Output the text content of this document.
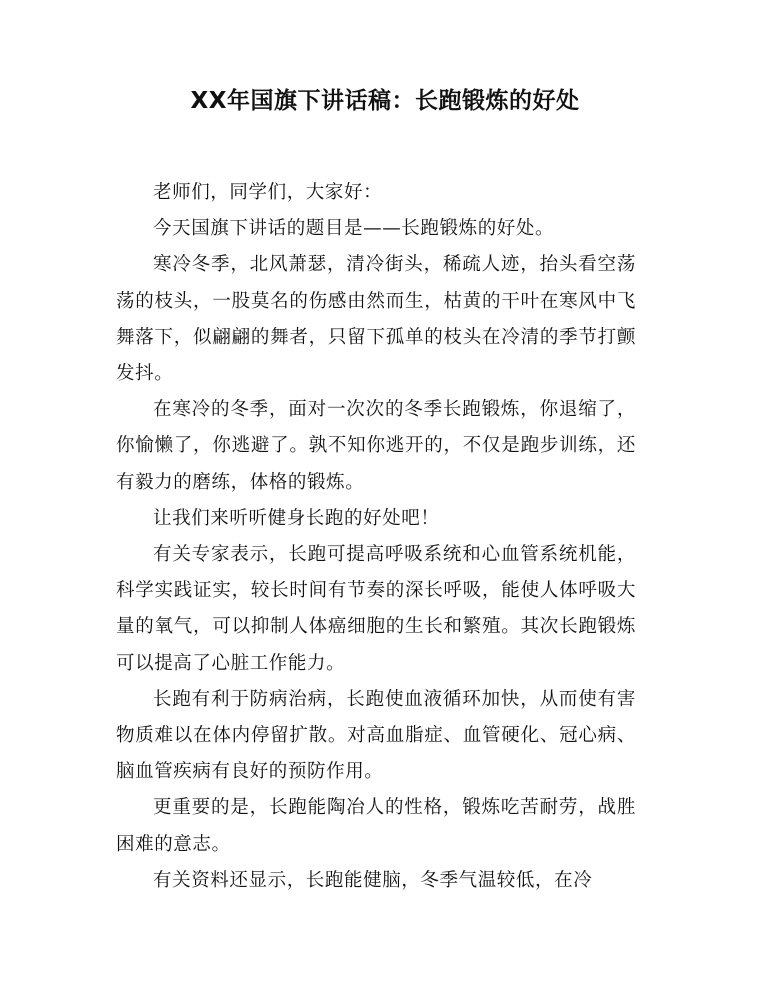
XX年国旗下讲话稿：长跑锻炼的好处

老师们，同学们，大家好：

今天国旗下讲话的题目是——长跑锻炼的好处。

寒冷冬季，北风萧瑟，清冷街头，稀疏人迹，抬头看空荡荡的枝头，一股莫名的伤感由然而生，枯黄的干叶在寒风中飞舞落下，似翩翩的舞者，只留下孤单的枝头在冷清的季节打颤发抖。

在寒冷的冬季，面对一次次的冬季长跑锻炼，你退缩了，你愉懒了，你逃避了。孰不知你逃开的，不仅是跑步训练，还有毅力的磨练，体格的锻炼。

让我们来听听健身长跑的好处吧！

有关专家表示，长跑可提高呼吸系统和心血管系统机能，科学实践证实，较长时间有节奏的深长呼吸，能使人体呼吸大量的氧气，可以抑制人体癌细胞的生长和繁殖。其次长跑锻炼可以提高了心脏工作能力。

长跑有利于防病治病，长跑使血液循环加快，从而使有害物质难以在体内停留扩散。对高血脂症、血管硬化、冠心病、脑血管疾病有良好的预防作用。

更重要的是，长跑能陶冶人的性格，锻炼吃苦耐劳，战胜困难的意志。

有关资料还显示，长跑能健脑，冬季气温较低，在冷
